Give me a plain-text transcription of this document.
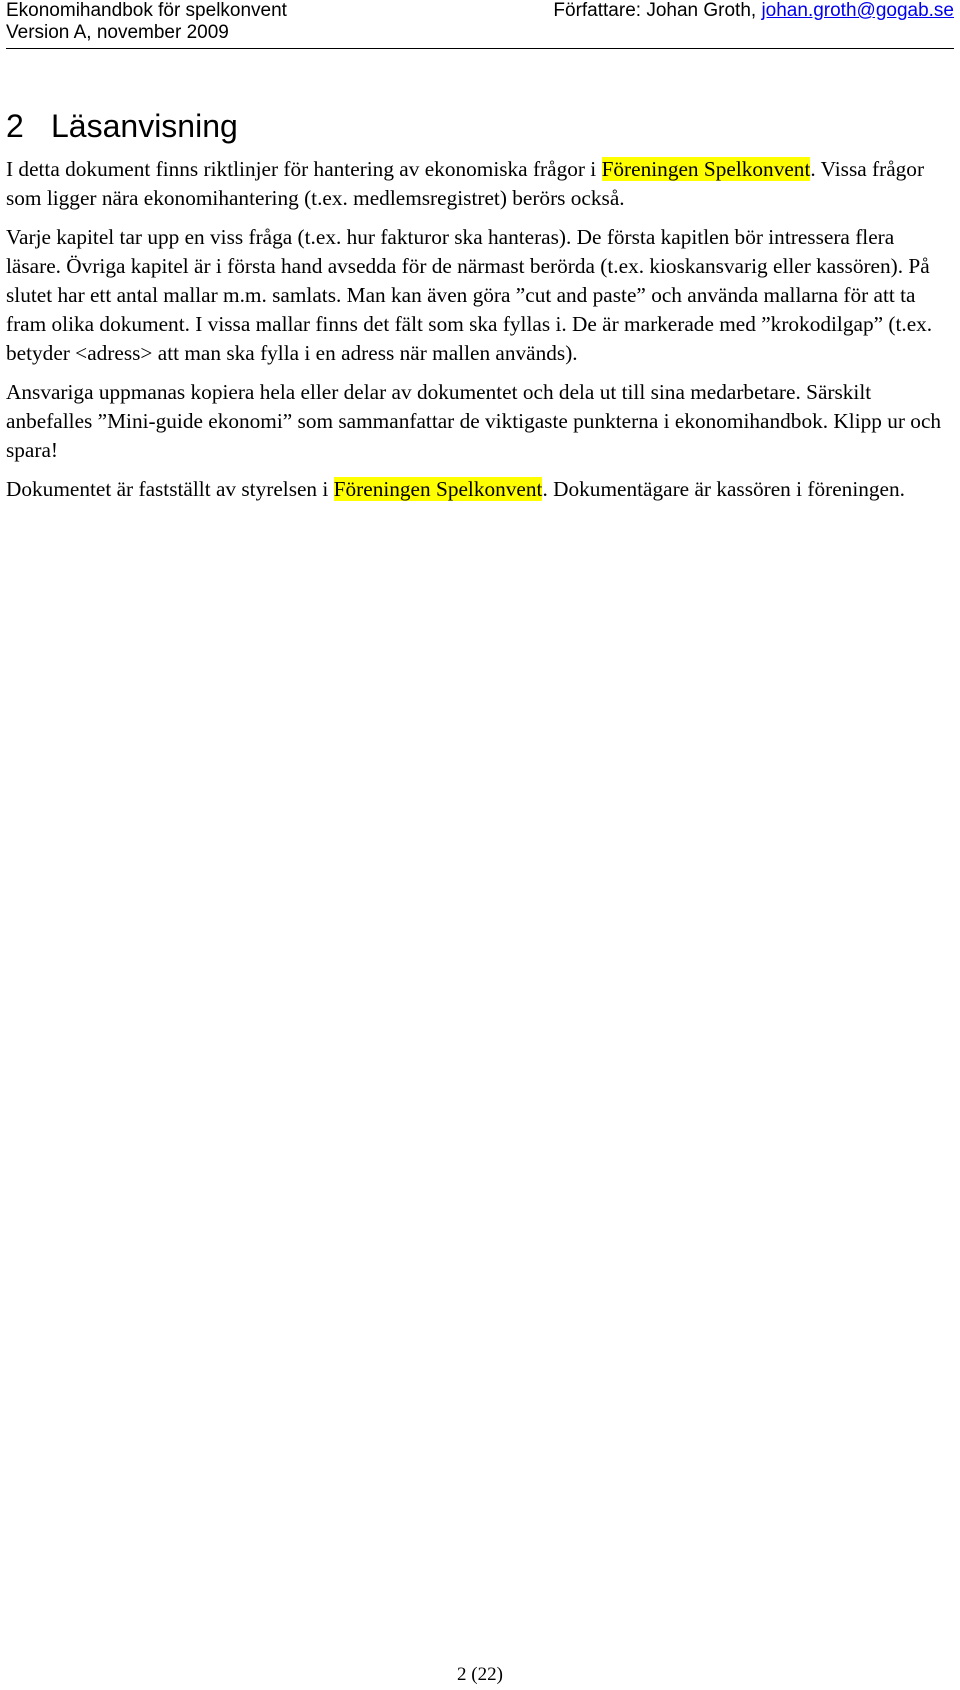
Ekonomihandbok för spelkonvent	Författare: Johan Groth, johan.groth@gogab.se
Version A, november 2009
2 Läsanvisning

I detta dokument finns riktlinjer för hantering av ekonomiska frågor i Föreningen Spelkonvent. Vissa frågor som ligger nära ekonomihantering (t.ex. medlemsregistret) berörs också.

Varje kapitel tar upp en viss fråga (t.ex. hur fakturor ska hanteras). De första kapitlen bör intressera flera läsare. Övriga kapitel är i första hand avsedda för de närmast berörda (t.ex. kioskansvarig eller kassören). På slutet har ett antal mallar m.m. samlats. Man kan även göra ”cut and paste” och använda mallarna för att ta fram olika dokument. I vissa mallar finns det fält som ska fyllas i. De är markerade med ”krokodilgap” (t.ex. betyder <adress> att man ska fylla i en adress när mallen används).

Ansvariga uppmanas kopiera hela eller delar av dokumentet och dela ut till sina medarbetare. Särskilt anbefalles ”Mini-guide ekonomi” som sammanfattar de viktigaste punkterna i ekonomihandbok. Klipp ur och spara!

Dokumentet är fastställt av styrelsen i Föreningen Spelkonvent. Dokumentägare är kassören i föreningen.

2 (22)
